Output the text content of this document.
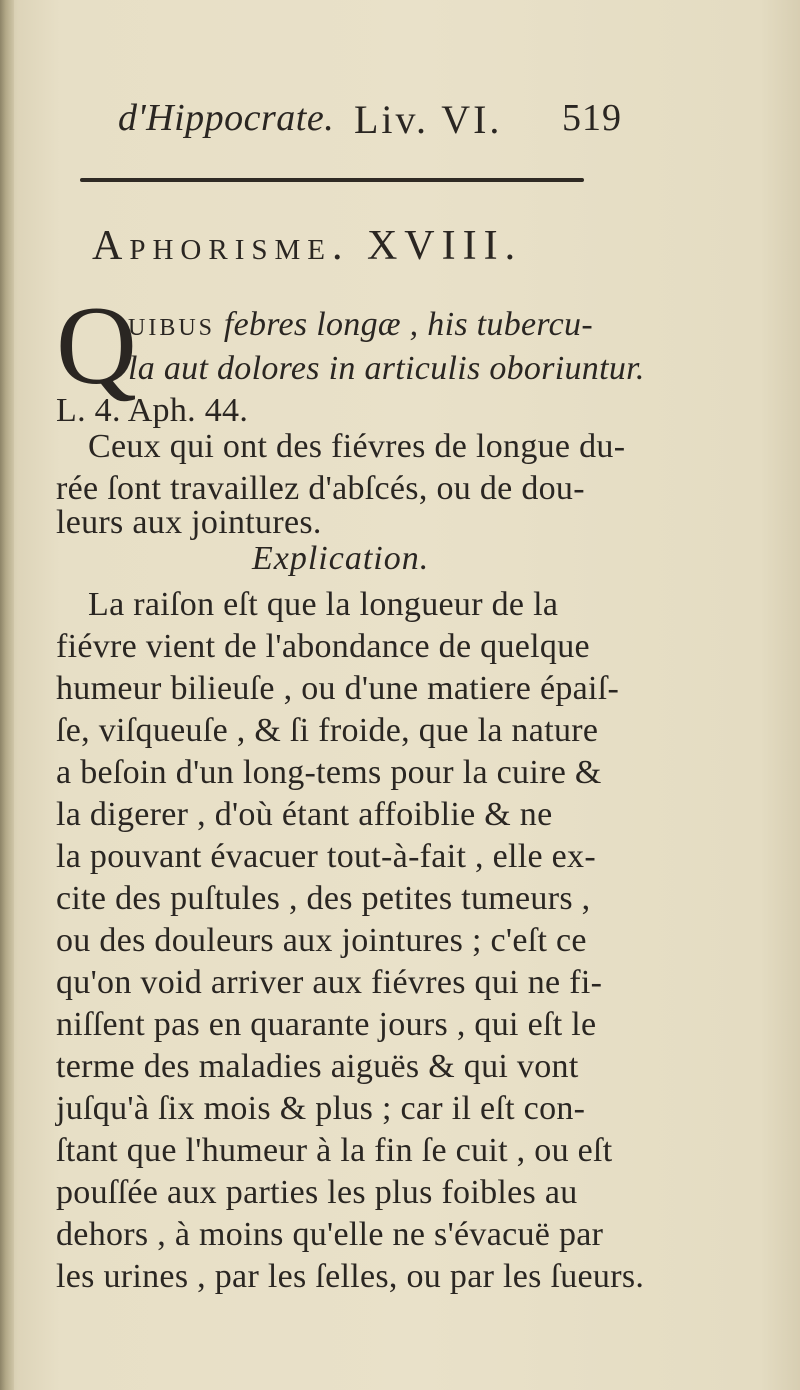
d'Hippocrate. Liv. VI. 519
Aphorisme. XVIII.
Q
uibus febres longæ , his tubercu-
la aut dolores in articulis oboriuntur.
L. 4. Aph. 44.
Ceux qui ont des fiévres de longue du-
rée ſont travaillez d'abſcés, ou de dou-
leurs aux jointures.
Explication.
La raiſon eſt que la longueur de la
fiévre vient de l'abondance de quelque
humeur bilieuſe , ou d'une matiere épaiſ-
ſe, viſqueuſe , & ſi froide, que la nature
a beſoin d'un long-tems pour la cuire &
la digerer , d'où étant affoiblie & ne
la pouvant évacuer tout-à-fait , elle ex-
cite des puſtules , des petites tumeurs ,
ou des douleurs aux jointures ; c'eſt ce
qu'on void arriver aux fiévres qui ne fi-
niſſent pas en quarante jours , qui eſt le
terme des maladies aiguës & qui vont
juſqu'à ſix mois & plus ; car il eſt con-
ſtant que l'humeur à la fin ſe cuit , ou eſt
pouſſée aux parties les plus foibles au
dehors , à moins qu'elle ne s'évacuë par
les urines , par les ſelles, ou par les ſueurs.
